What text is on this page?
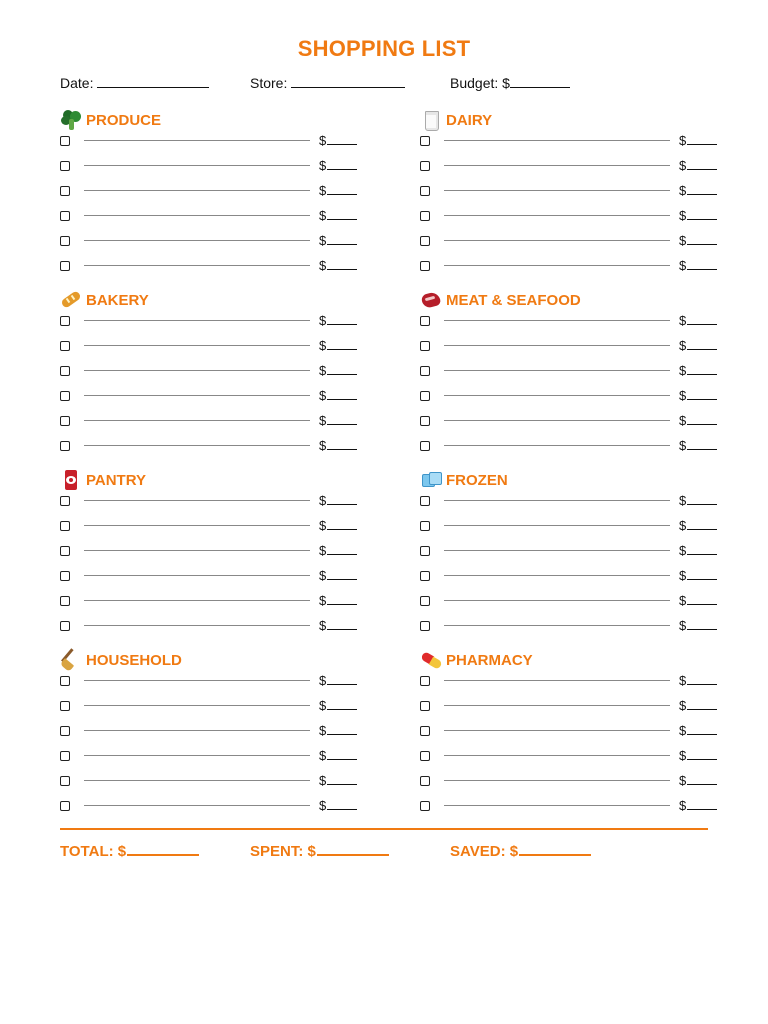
SHOPPING LIST
Date:	Store:	Budget: $
PRODUCE
$
$
$
$
$
$
DAIRY
$
$
$
$
$
$
BAKERY
$
$
$
$
$
$
MEAT & SEAFOOD
$
$
$
$
$
$
PANTRY
$
$
$
$
$
$
FROZEN
$
$
$
$
$
$
HOUSEHOLD
$
$
$
$
$
$
PHARMACY
$
$
$
$
$
$
TOTAL: $	SPENT: $	SAVED: $
